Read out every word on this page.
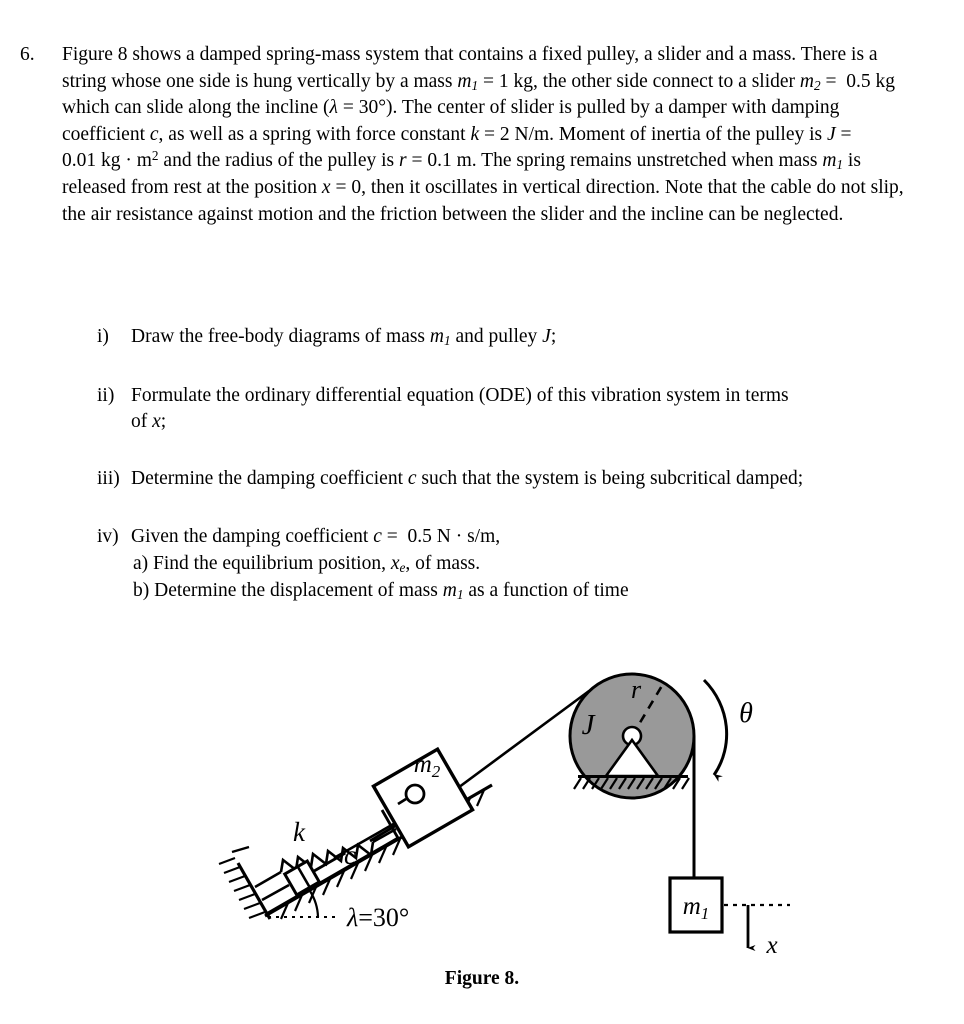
6.	Figure 8 shows a damped spring-mass system that contains a fixed pulley, a slider and a mass. There is a string whose one side is hung vertically by a mass $m_1 = 1$ kg, the other side connect to a slider $m_2 = 0.5$ kg which can slide along the incline (λ = 30°). The center of slider is pulled by a damper with damping coefficient c, as well as a spring with force constant k = 2 N/m. Moment of inertia of the pulley is J = 0.01 kg · $m^2$ and the radius of the pulley is r = 0.1 m. The spring remains unstretched when mass $m_1$ is released from rest at the position x = 0, then it oscillates in vertical direction. Note that the cable do not slip, the air resistance against motion and the friction between the slider and the incline can be neglected.

i)	Draw the free-body diagrams of mass $m_1$ and pulley J;
ii) Formulate the ordinary differential equation (ODE) of this vibration system in terms
of x;
iii) Determine the damping coefficient c such that the system is being subcritical damped;
iv) Given the damping coefficient c =  0.5 N · s/m,
a) Find the equilibrium position, $x_e$, of mass.
b) Determine the displacement of mass $m_1$ as a function of time
J
r
θ
$m_1$
x
λ=30°
k
c
$m_2$
Figure 8.
